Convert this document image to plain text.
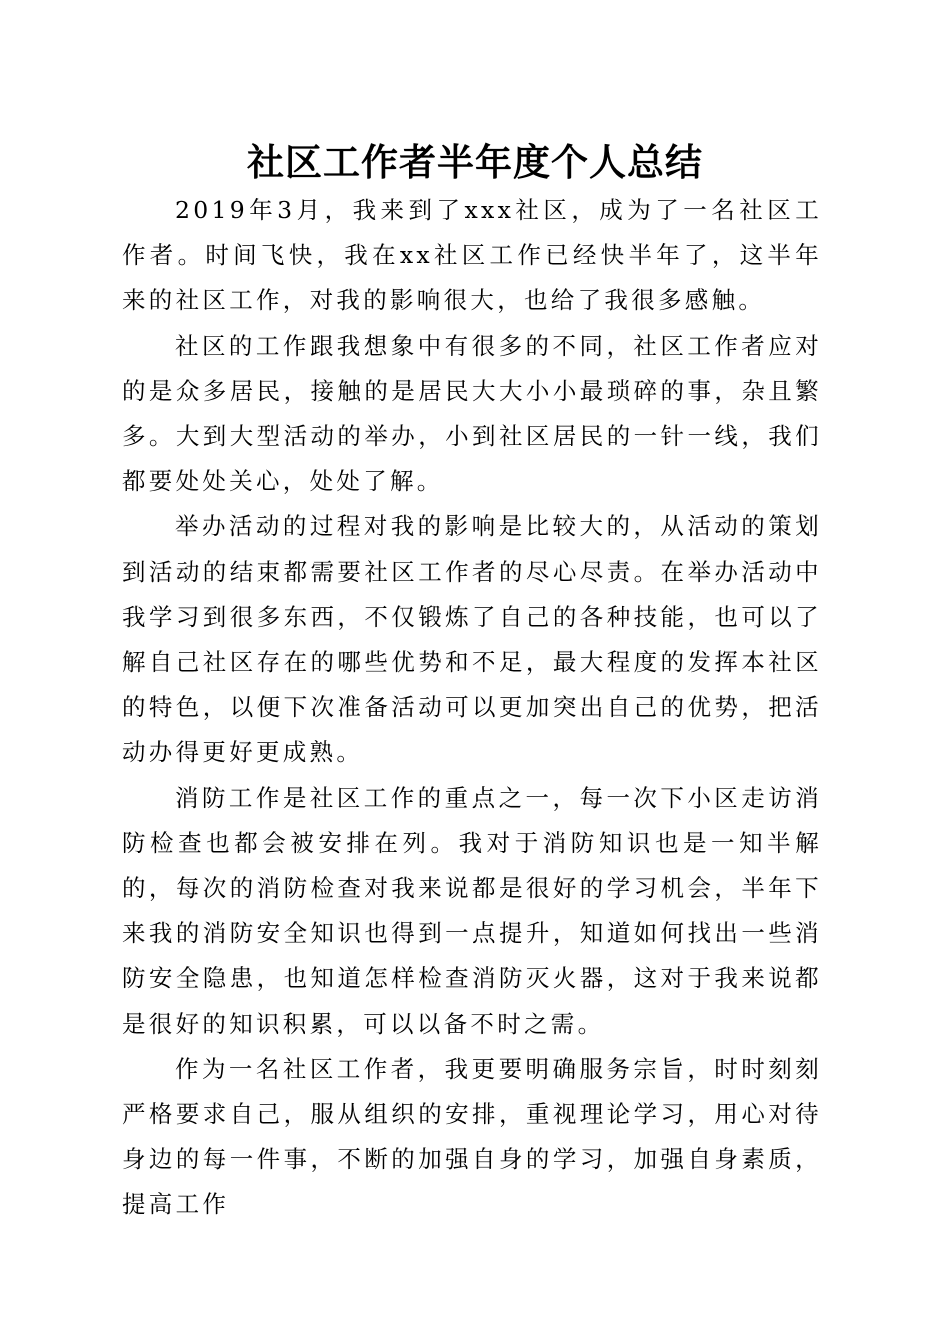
社区工作者半年度个人总结

2019年3月，我来到了xxx社区，成为了一名社区工作者。时间飞快，我在xx社区工作已经快半年了，这半年来的社区工作，对我的影响很大，也给了我很多感触。

社区的工作跟我想象中有很多的不同，社区工作者应对的是众多居民，接触的是居民大大小小最琐碎的事，杂且繁多。大到大型活动的举办，小到社区居民的一针一线，我们都要处处关心，处处了解。

举办活动的过程对我的影响是比较大的，从活动的策划到活动的结束都需要社区工作者的尽心尽责。在举办活动中我学习到很多东西，不仅锻炼了自己的各种技能，也可以了解自己社区存在的哪些优势和不足，最大程度的发挥本社区的特色，以便下次准备活动可以更加突出自己的优势，把活动办得更好更成熟。

消防工作是社区工作的重点之一，每一次下小区走访消防检查也都会被安排在列。我对于消防知识也是一知半解的，每次的消防检查对我来说都是很好的学习机会，半年下来我的消防安全知识也得到一点提升，知道如何找出一些消防安全隐患，也知道怎样检查消防灭火器，这对于我来说都是很好的知识积累，可以以备不时之需。

作为一名社区工作者，我更要明确服务宗旨，时时刻刻严格要求自己，服从组织的安排，重视理论学习，用心对待身边的每一件事，不断的加强自身的学习，加强自身素质，提高工作
